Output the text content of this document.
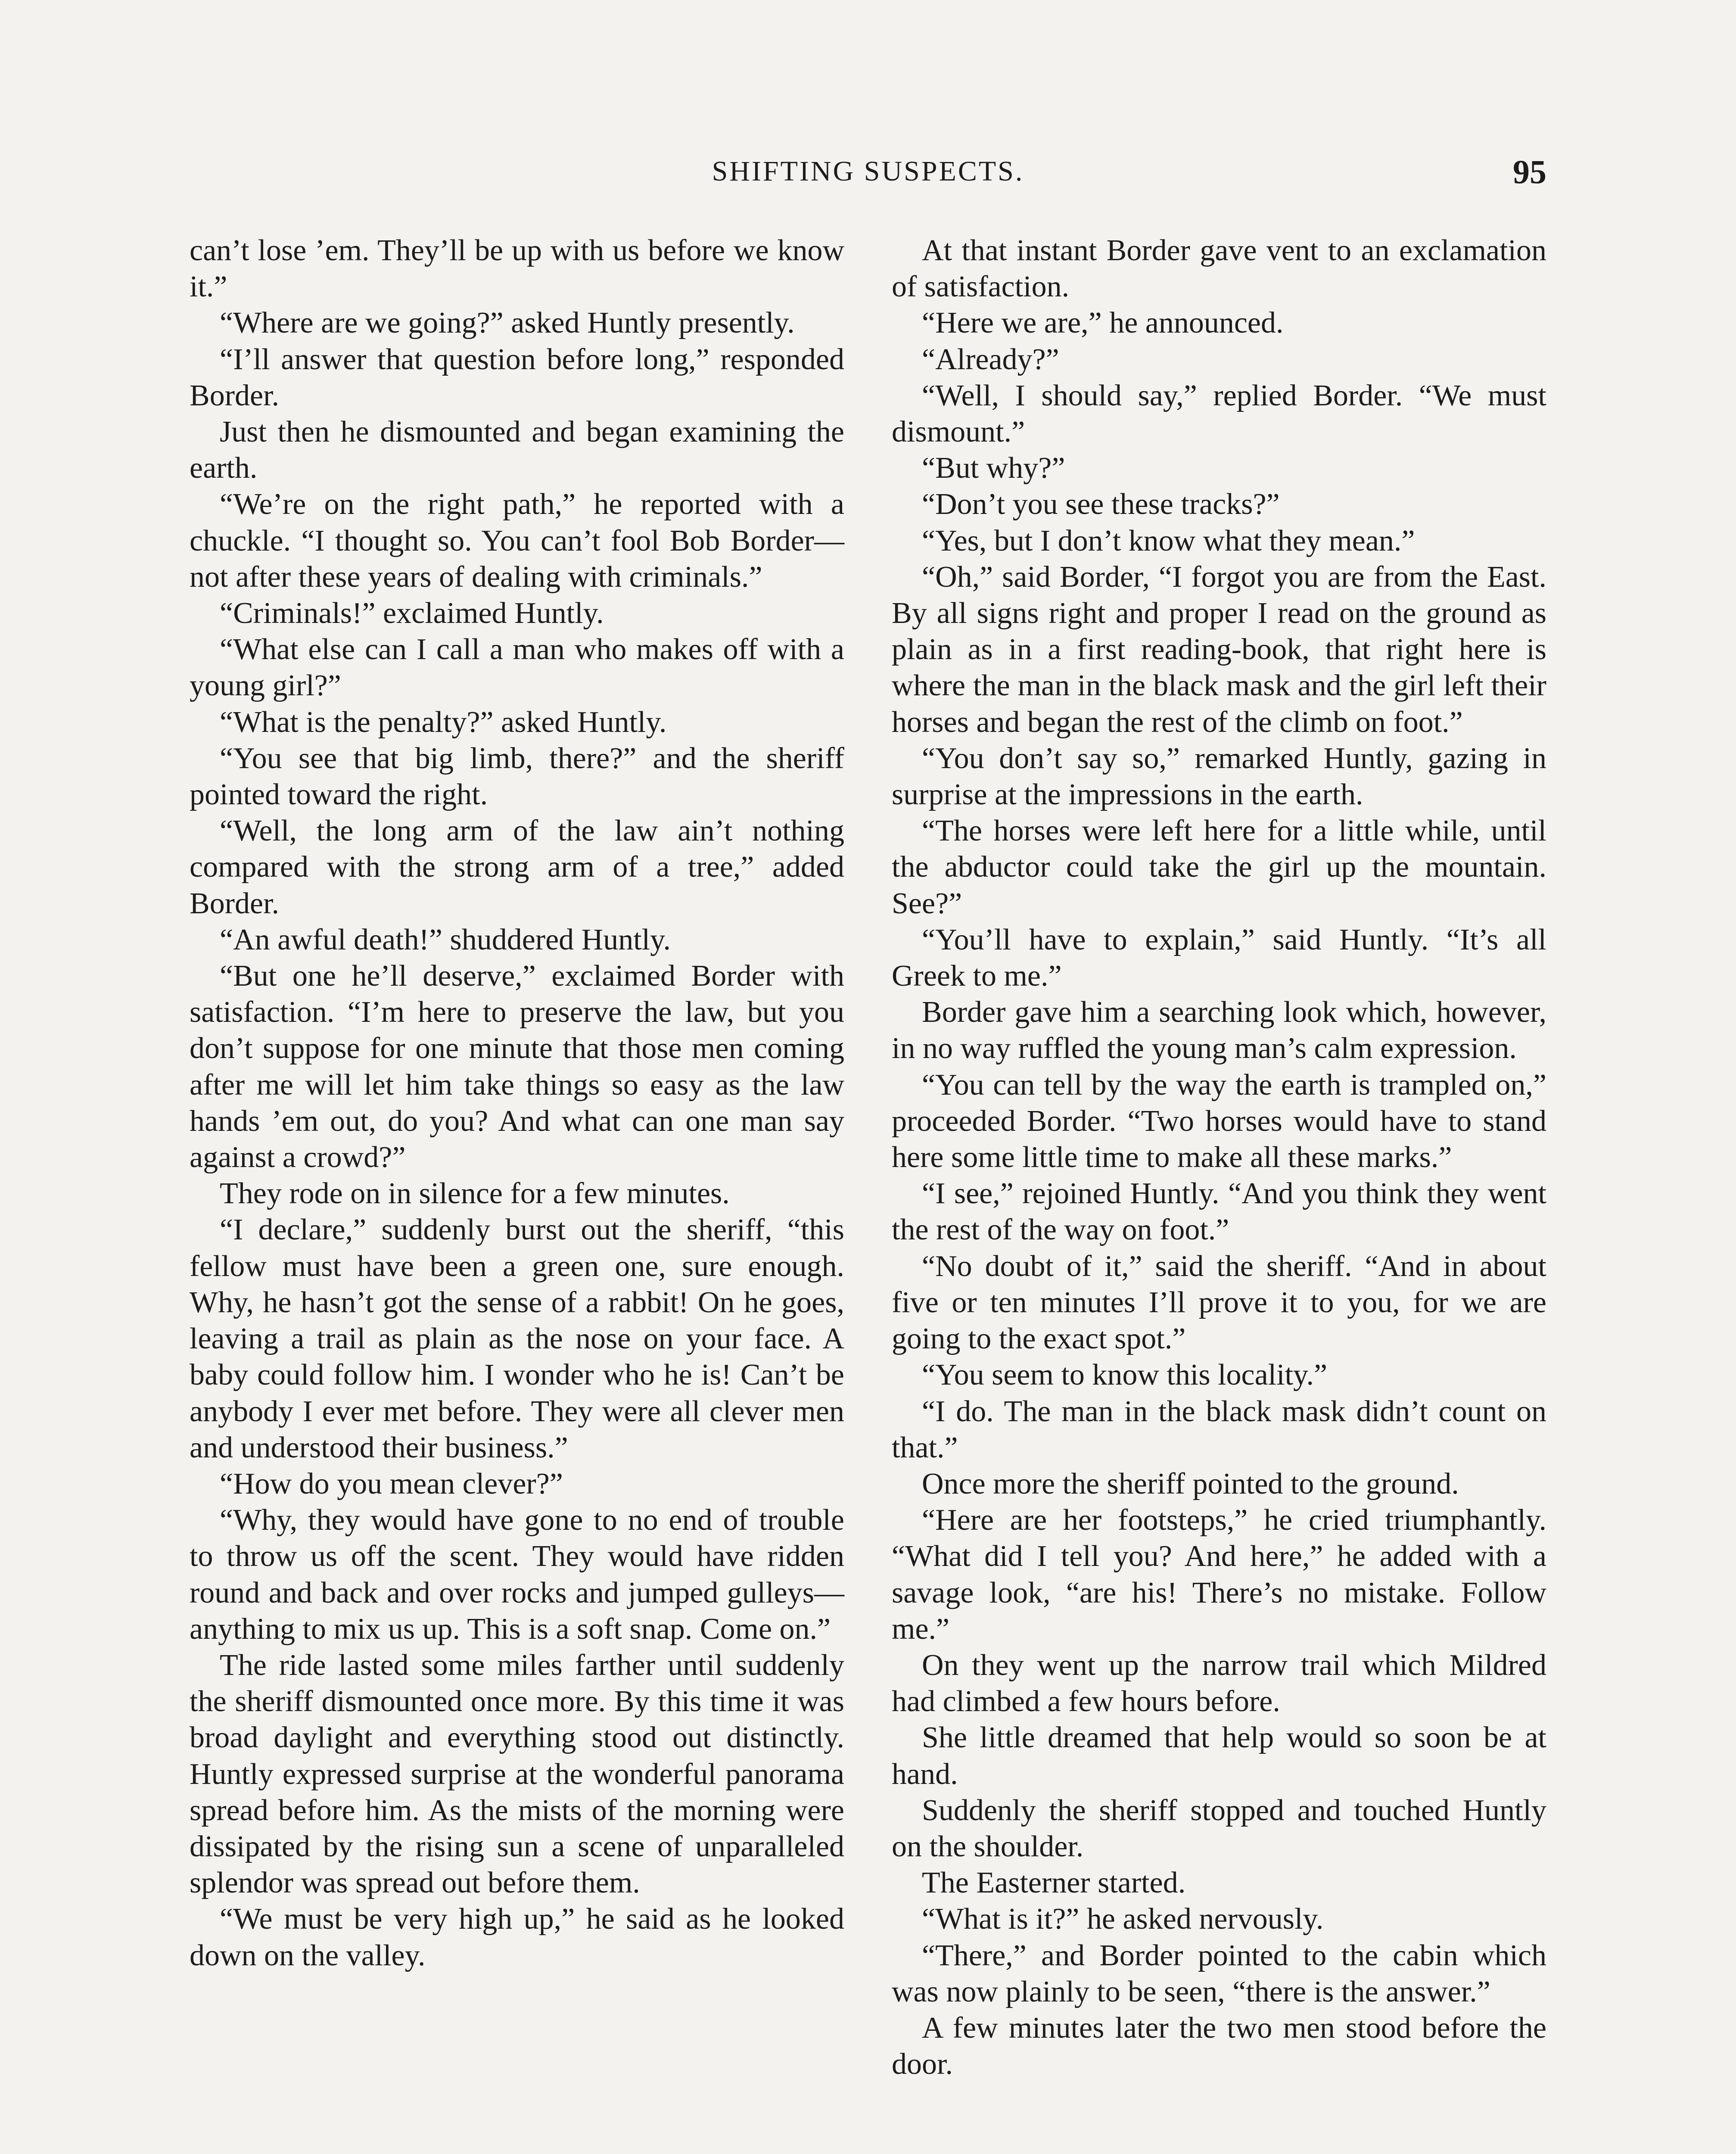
SHIFTING SUSPECTS.	95

can’t lose ’em. They’ll be up with us before we know it.”

“Where are we going?” asked Huntly presently.

“I’ll answer that question before long,” responded Border.

Just then he dismounted and began examining the earth.

“We’re on the right path,” he reported with a chuckle. “I thought so. You can’t fool Bob Border—not after these years of dealing with criminals.”

“Criminals!” exclaimed Huntly.

“What else can I call a man who makes off with a young girl?”

“What is the penalty?” asked Huntly.

“You see that big limb, there?” and the sheriff pointed toward the right.

“Well, the long arm of the law ain’t nothing compared with the strong arm of a tree,” added Border.

“An awful death!” shuddered Huntly.

“But one he’ll deserve,” exclaimed Border with satisfaction. “I’m here to preserve the law, but you don’t suppose for one minute that those men coming after me will let him take things so easy as the law hands ’em out, do you? And what can one man say against a crowd?”

They rode on in silence for a few minutes.

“I declare,” suddenly burst out the sheriff, “this fellow must have been a green one, sure enough. Why, he hasn’t got the sense of a rabbit! On he goes, leaving a trail as plain as the nose on your face. A baby could follow him. I wonder who he is! Can’t be anybody I ever met before. They were all clever men and understood their business.”

“How do you mean clever?”

“Why, they would have gone to no end of trouble to throw us off the scent. They would have ridden round and back and over rocks and jumped gulleys—anything to mix us up. This is a soft snap. Come on.”

The ride lasted some miles farther until suddenly the sheriff dismounted once more. By this time it was broad daylight and everything stood out distinctly. Huntly expressed surprise at the wonderful panorama spread before him. As the mists of the morning were dissipated by the rising sun a scene of unparalleled splendor was spread out before them.

“We must be very high up,” he said as he looked down on the valley.

At that instant Border gave vent to an exclamation of satisfaction.

“Here we are,” he announced.

“Already?”

“Well, I should say,” replied Border. “We must dismount.”

“But why?”

“Don’t you see these tracks?”

“Yes, but I don’t know what they mean.”

“Oh,” said Border, “I forgot you are from the East. By all signs right and proper I read on the ground as plain as in a first reading-book, that right here is where the man in the black mask and the girl left their horses and began the rest of the climb on foot.”

“You don’t say so,” remarked Huntly, gazing in surprise at the impressions in the earth.

“The horses were left here for a little while, until the abductor could take the girl up the mountain. See?”

“You’ll have to explain,” said Huntly. “It’s all Greek to me.”

Border gave him a searching look which, however, in no way ruffled the young man’s calm expression.

“You can tell by the way the earth is trampled on,” proceeded Border. “Two horses would have to stand here some little time to make all these marks.”

“I see,” rejoined Huntly. “And you think they went the rest of the way on foot.”

“No doubt of it,” said the sheriff. “And in about five or ten minutes I’ll prove it to you, for we are going to the exact spot.”

“You seem to know this locality.”

“I do. The man in the black mask didn’t count on that.”

Once more the sheriff pointed to the ground.

“Here are her footsteps,” he cried triumphantly. “What did I tell you? And here,” he added with a savage look, “are his! There’s no mistake. Follow me.”

On they went up the narrow trail which Mildred had climbed a few hours before.

She little dreamed that help would so soon be at hand.

Suddenly the sheriff stopped and touched Huntly on the shoulder.

The Easterner started.

“What is it?” he asked nervously.

“There,” and Border pointed to the cabin which was now plainly to be seen, “there is the answer.”

A few minutes later the two men stood before the door.
